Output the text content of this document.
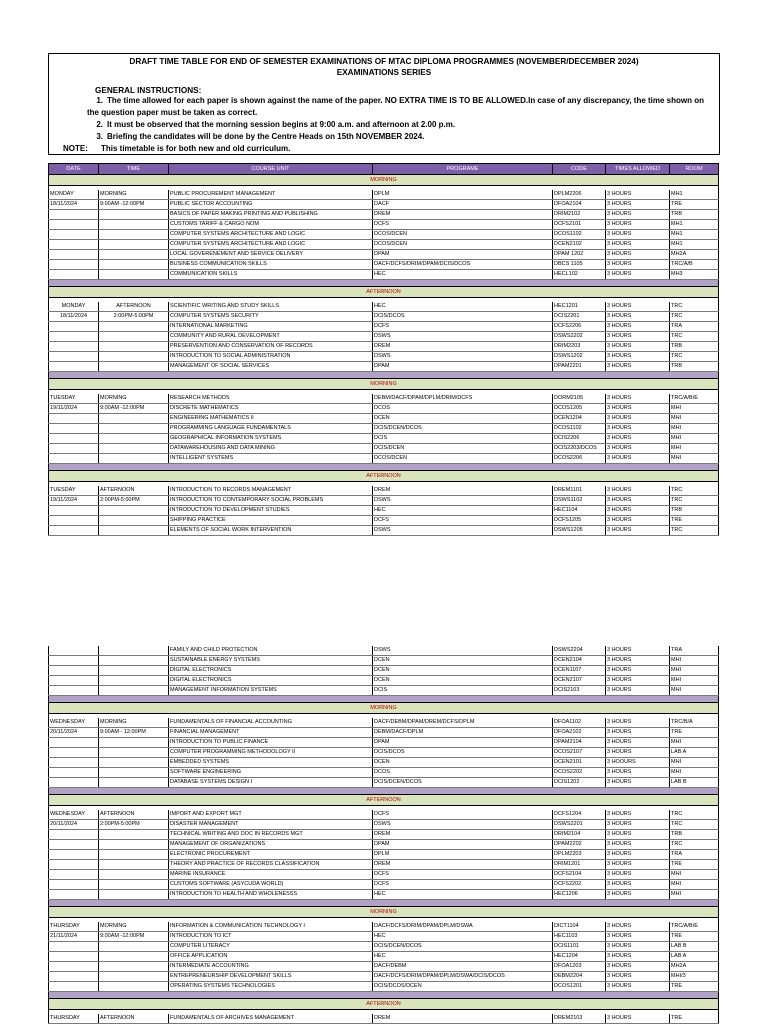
DRAFT TIME TABLE FOR END OF SEMESTER EXAMINATIONS OF MTAC DIPLOMA PROGRAMMES (NOVEMBER/DECEMBER 2024)
EXAMINATIONS SERIES
GENERAL INSTRUCTIONS:
1. The time allowed for each paper is shown against the name of the paper. NO EXTRA TIME IS TO BE ALLOWED.In case of any discrepancy, the time shown on
the question paper must be taken as correct.
2. It must be observed that the morning session begins at 9:00 a.m. and afternoon at 2.00 p.m.
3. Briefing the candidates will be done by the Centre Heads on 15th NOVEMBER 2024.
NOTE: This timetable is for both new and old curriculum.
DATE	TIME	COURSE UNIT	PROGRAME	CODE	TIMES ALLOWED	ROOM
MORNING						

MONDAY	MORNING	PUBLIC PROCUREMENT MANAGEMENT	DPLM	DPLM2206	3 HOURS	MH1
18/11/2024	9:00AM -12:00PM	PUBLIC SECTOR ACCOUNTING	DACF	DFOA2104	3 HOURS	TRE
		BASICS OF PAPER MAKING PRINTING AND PUBLISHING	DREM	DRIM2102	3 HOURS	TRB
		CUSTOMS TARIFF & CARGO NOM	DCFS	DCFS2101	3 HOURS	MH1
		COMPUTER SYSTEMS ARCHITECTURE AND LOGIC	DCOS/DCEN	DCOS1102	3 HOURS	MH1
		COMPUTER SYSTEMS ARCHITECTURE AND LOGIC	DCOS/DCEN	DCEN2102	3 HOURS	MH1
		LOCAL GOVERENEMENT AND SERVICE DELIVERY	DPAM	DPAM 1202	3 HOURS	MH2A
		BUSINESS COMMUNICATION SKILLS	DACF/DCFS/DRIM/DPAM/DCIS/DCOS	DBCS 1105	3 HOURS	TRC/A/B
		COMMUNICATION SKILLS	HEC	HECL102	3 HOURS	MH3

AFTERNOON						

MONDAY	AFTERNOON	SCIENTIFIC WRITING AND STUDY SKILLS	HEC	HEC1201	3 HOURS	TRC
18/11/2024	2:00PM-5:00PM	COMPUTER SYSTEMS SECURITY	DCIS/DCOS	DCIS2201	3 HOURS	TRC
		INTERNATIONAL MARKETING	DCFS	DCFS2206	3 HOURS	TRA
		COMMUNITY AND RURAL DEVELOPMENT	DSWS	DSWS2202	3 HOURS	TRC
		PRESERVENTION AND CONSERVATION OF RECORDS	DREM	DRIM2203	3 HOURS	TRB
		INTRODUCTION TO SOCIAL ADMINISTRATION	DSWS	DSWS1202	3 HOURS	TRC
		MANAGEMENT OF SOCIAL SERVICES	DPAM	DPAM2201	3 HOURS	TRB

MORNING						

TUESDAY	MORNING	RESEARCH METHODS	DEBM/DACF/DPAM/DPLM/DRIM/DCFS	DORM2105	3 HOURS	TRC/A/B/E
19/11/2024	9:00AM -12:00PM	DISCRETE MATHEMATICS	DCOS	DCOS1205	3 HOURS	MHI
		ENGINEERING MATHEMATICS II	DCEN	DCEN1204	3 HOURS	MHI
		PROGRAMMING LANGUAGE FUNDAMENTALS	DCIS/DCEN/DCOS	DCOS1102	3 HOURS	MHI
		GEOGRAPHICAL INFORMATION SYSTEMS	DCIS	DCIS2206	3 HOURS	MHI
		DATAWAREHOUSING AND DATA MINING	DCIS/DCEN	DCIS2203/DCOS	3 HOURS	MHI
		INTELLIGENT SYSTEMS	DCOS/DCEN	DCOS2206	3 HOURS	MHI

AFTERNOON						

TUESDAY	AFTERNOON	INTRODUCTION TO RECORDS MANAGEMENT	DREM	DREM1101	3 HOURS	TRC
19/11/2024	2:00PM-5:00PM	INTRODUCTION TO CONTEMPORARY SOCIAL PROBLEMS	DSWS	DSWS1102	3 HOURS	TRC
		INTRODUCTION TO DEVELOPMENT STUDIES	HEC	HEC1104	3 HOURS	TRB
		SHIPPING PRACTICE	DCFS	DCFS1205	3 HOURS	TRE
		ELEMENTS OF SOCIAL WORK INTERVENTION	DSWS	DSWS1205	3 HOURS	TRC
		FAMILY AND CHILD PROTECTION	DSWS	DSWS2204	3 HOURS	TRA
		SUSTAINABLE ENERGY SYSTEMS	DCEN	DCEN2104	3 HOURS	MHI
		DIGITAL ELECTRONICS	DCEN	DCEN1107	3 HOURS	MHI
		DIGITAL ELECTRONICS	DCEN	DCEN2107	3 HOURS	MHI
		MANAGEMENT INFORMATION SYSTEMS	DCIS	DCIS2103	3 HOURS	MHI

MORNING						

WEDNESDAY	MORNING	FUNDAMENTALS OF FINANCIAL ACCOUNTING	DACF/DEBM/DPAM/DREM/DCFS/DPLM	DFOA1102	3 HOURS	TRC/B/A
20/11/2024	9:00AM - 12:00PM	FINANCIAL MANAGEMENT	DEBM/DACF/DPLM	DFOA2102	3 HOURS	TRE
		INTRODUCTION TO PUBLIC FINANCE	DPAM	DPAM2104	3 HOURS	MHI
		COMPUTER PROGRAMMING METHODOLOGY II	DCIS/DCOS	DCOS2107	3 HOURS	LAB A
		EMBEDDED SYSTEMS	DCEN	DCEN2101	3 HOOURS	MHI
		SOFTWARE ENGINEERING	DCOS	DCOS2202	3 HOURS	MHI
		DATABASE SYSTEMS DESIGN I	DCIS/DCEN/DCOS	DCIS1202	3 HOURS	LAB B

AFTERNOON						

WEDNESDAY	AFTERNOON	IMPORT AND EXPORT MGT	DCFS	DCFS1204	3 HOURS	TRC
20/11/2024	2:00PM-5:00PM	DISASTER MANAGEMENT	DSWS	DSWS2201	3 HOURS	TRC
		TECHNICAL WRITING AND DOC IN RECORDS MGT	DREM	DRIM2104	3 HOURS	TRB
		MANAGEMENT OF ORGANIZATIONS	DPAM	DPAM2202	3 HOURS	TRC
		ELECTRONIC PROCUREMENT	DPLM	DPLM2203	3 HOURS	TRA
		THEORY AND PRACTICE OF RECORDS CLASSIFICATION	DREM	DRIM1201	3 HOURS	TRE
		MARINE INSURANCE	DCFS	DCFS2104	3 HOURS	MHI
		CUSTOMS SOFTWARE (ASYCUDA WORLD)	DCFS	DCFS2202	3 HOURS	MHI
		INTRODUCTION TO HEALTH AND WHOLENESSS	HEC	HEC1206	3 HOURS	MHI

MORNING						

THURSDAY	MORNING	INFORMATION & COMMUNICATION TECHNOLOGY I	DACF/DCFS/DRIM/DPAM/DPLM/DSWA	DICT1104	3 HOURS	TRC/A/B/E
21/11/2024	9:00AM -12:00PM	INTRODUCTION TO ICT	HEC	HEC1103	3 HOURS	TRE
		COMPUTER LITERACY	DCIS/DCEN/DCOS	DCIS1101	3 HOURS	LAB B
		OFFICE APPLICATION	HEC	HEC1204	3 HOURS	LAB A
		INTERMEDIATE ACCOUNTING	DACF/DEBM	DFOA1203	3 HOURS	MH2A
		ENTREPRENEURSHIP DEVELOPMENT SKILLS	DACF/DCFS/DRIM/DPAM/DPLM/DSWA/DCIS/DCOS	DEBM2204	3 HOURS	MHI/3
		OPERATING SYSTEMS TECHNOLOGIES	DCIS/DCOS/DCEN	DCOS1201	3 HOURS	TRE

AFTERNOON						

THURSDAY	AFTERNOON	FUNDAMENTALS OF ARCHIVES MANAGEMENT	DREM	DREM2103	3 HOURS	TRE
